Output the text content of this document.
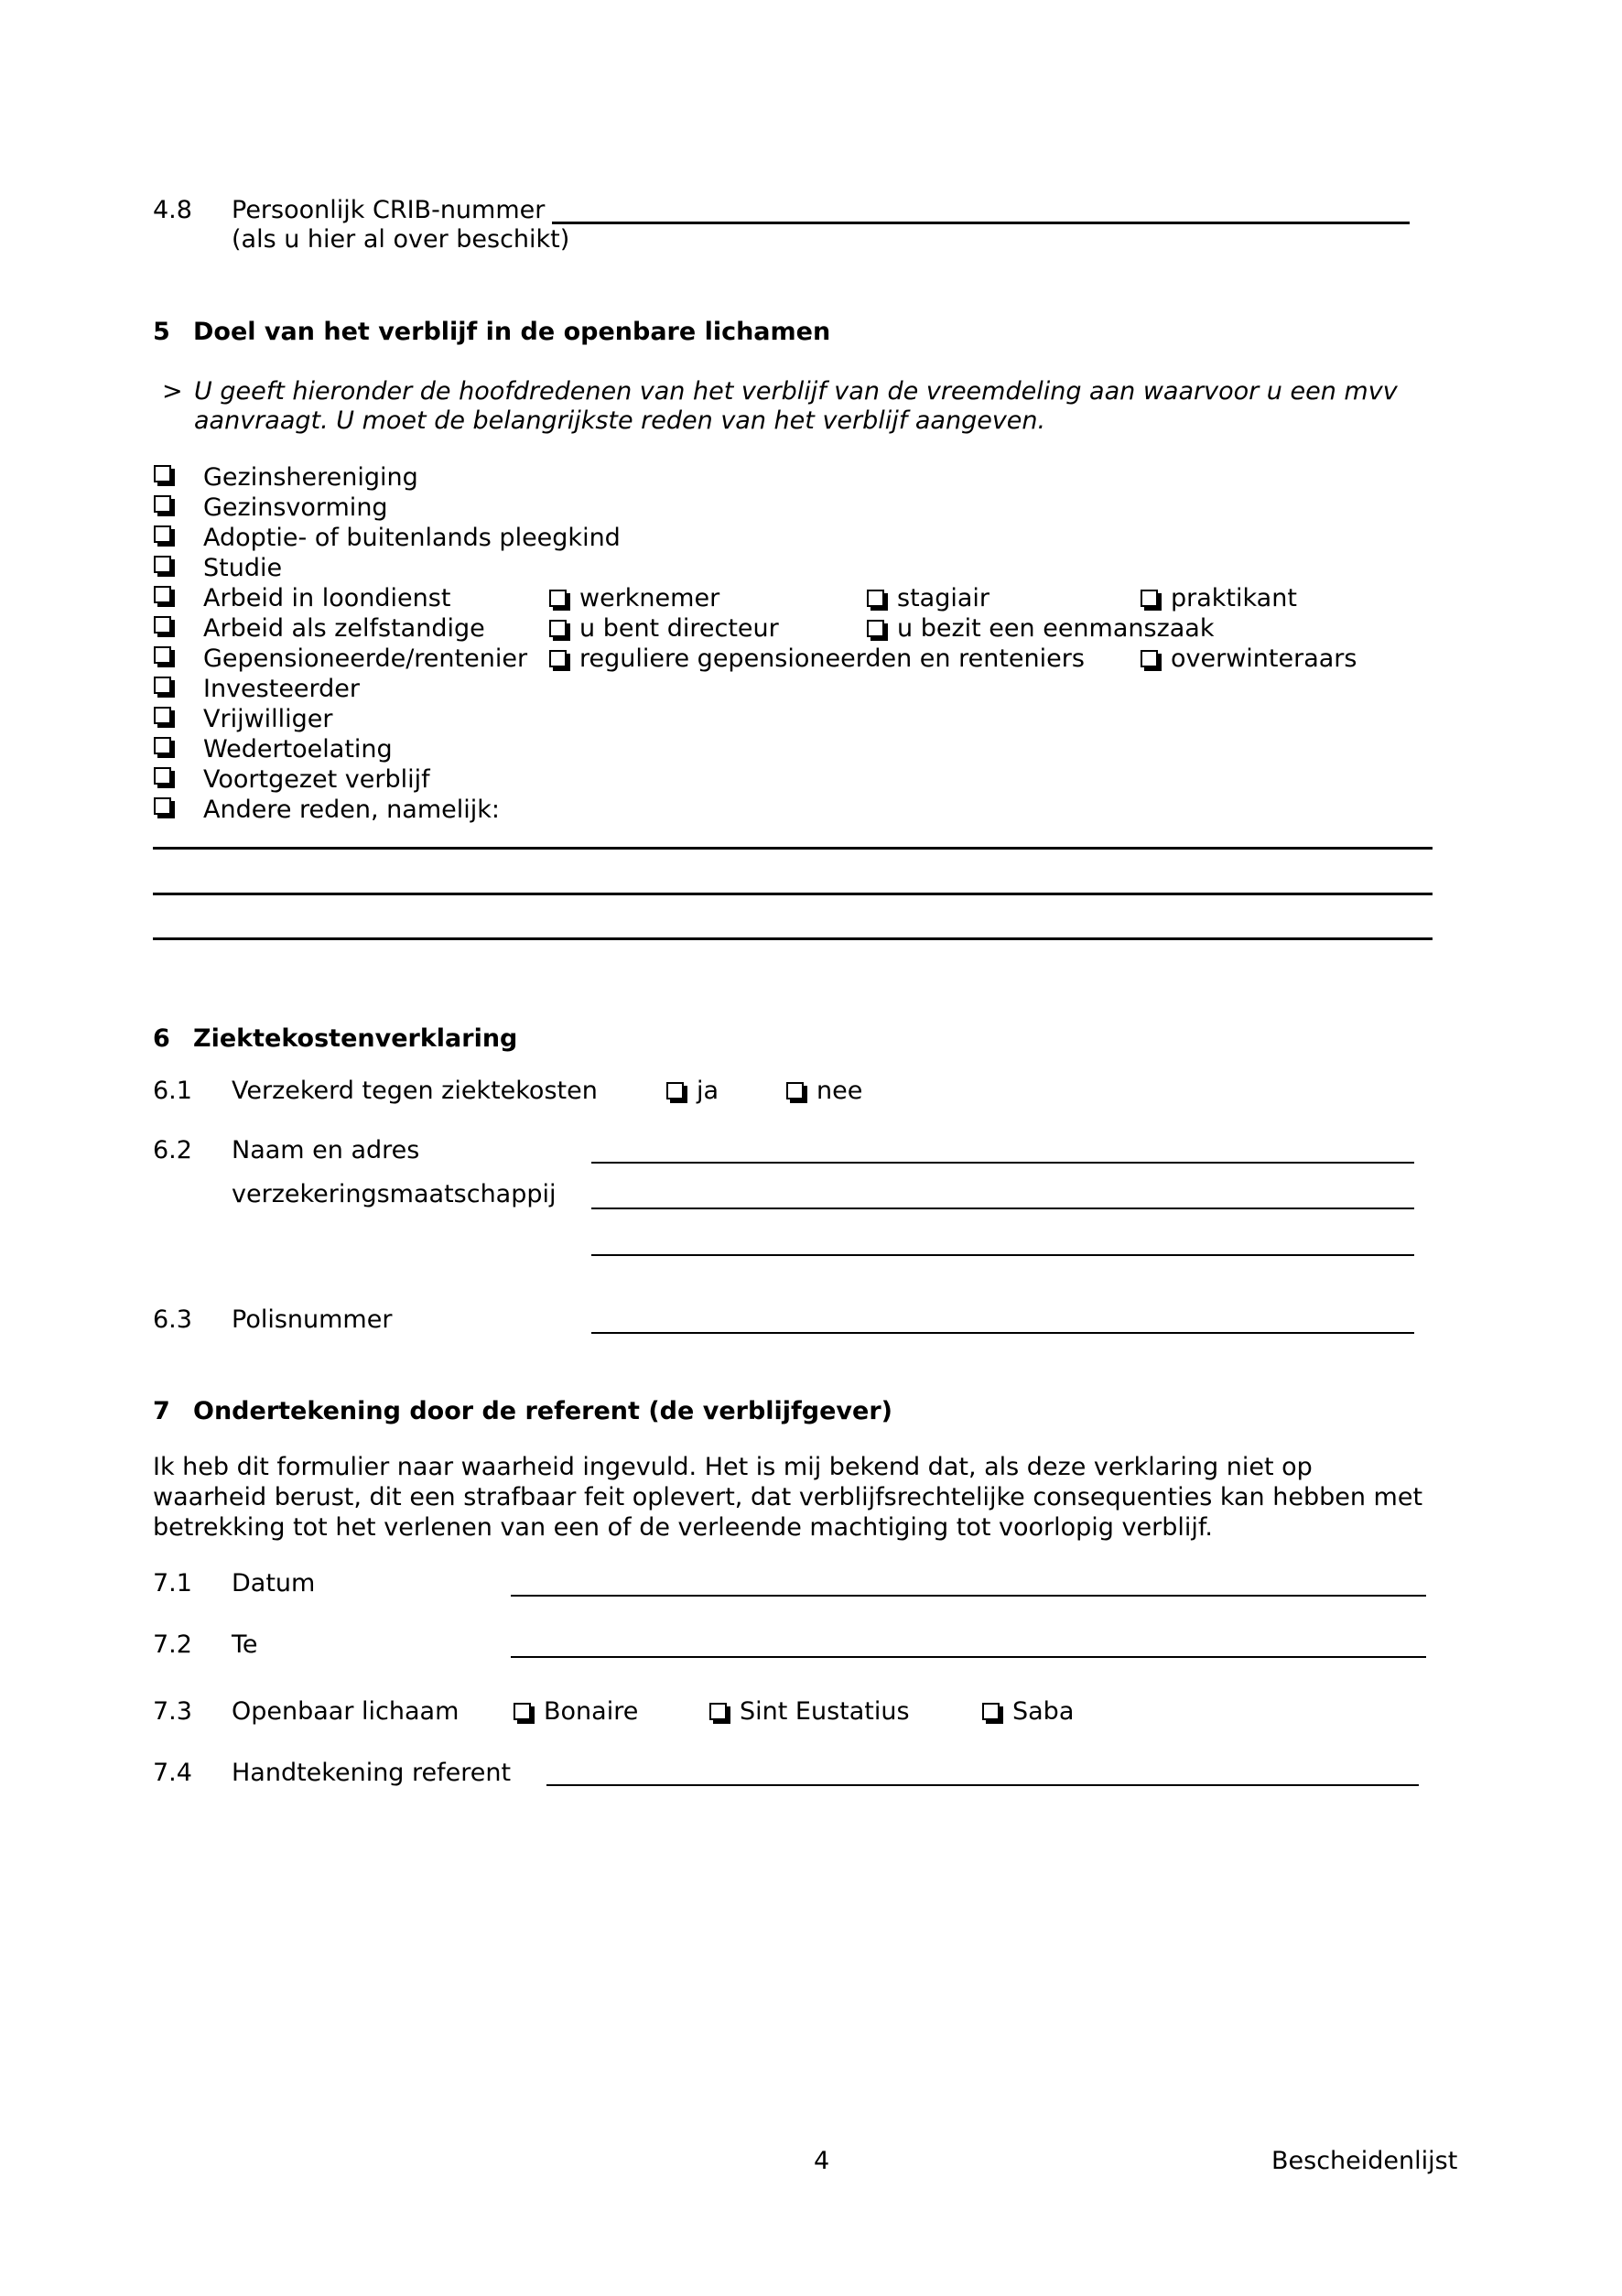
4.8 Persoonlijk CRIB-nummer
(als u hier al over beschikt)
5 Doel van het verblijf in de openbare lichamen
> U geeft hieronder de hoofdredenen van het verblijf van de vreemdeling aan waarvoor u een mvv aanvraagt. U moet de belangrijkste reden van het verblijf aangeven.
Gezinshereniging
Gezinsvorming
Adoptie- of buitenlands pleegkind
Studie
Arbeid in loondienst	werknemer	stagiair	praktikant
Arbeid als zelfstandige	u bent directeur	u bezit een eenmanszaak
Gepensioneerde/rentenier	reguliere gepensioneerden en renteniers	overwinteraars
Investeerder
Vrijwilliger
Wedertoelating
Voortgezet verblijf
Andere reden, namelijk:
6 Ziektekostenverklaring
6.1 Verzekerd tegen ziektekosten	ja	nee
6.2 Naam en adres
verzekeringsmaatschappij
6.3 Polisnummer
7 Ondertekening door de referent (de verblijfgever)
Ik heb dit formulier naar waarheid ingevuld. Het is mij bekend dat, als deze verklaring niet op waarheid berust, dit een strafbaar feit oplevert, dat verblijfsrechtelijke consequenties kan hebben met betrekking tot het verlenen van een of de verleende machtiging tot voorlopig verblijf.
7.1 Datum
7.2 Te
7.3 Openbaar lichaam	Bonaire	Sint Eustatius	Saba
7.4 Handtekening referent
4	Bescheidenlijst
